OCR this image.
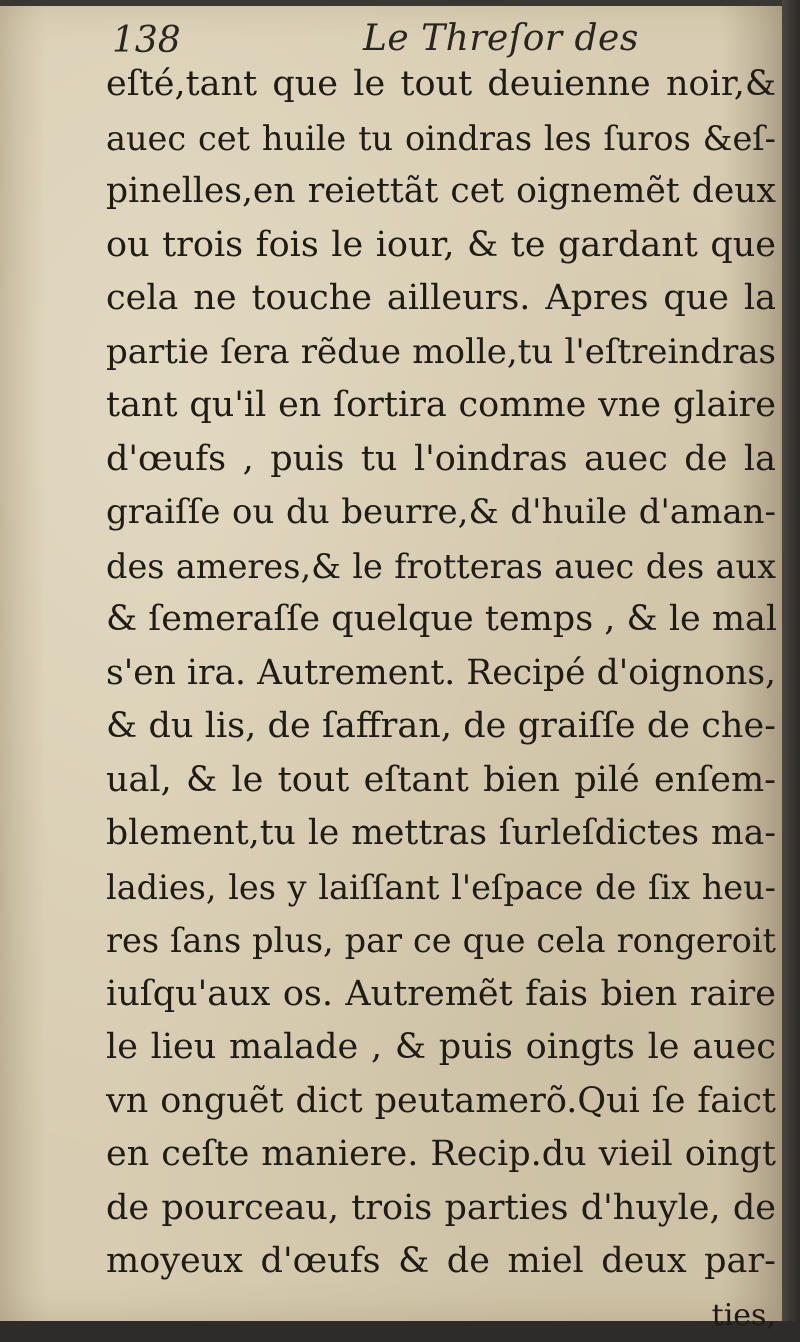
138	Le Threſor des
eſté,tant que le tout deuienne noir,&
auec cet huile tu oindras les ſuros &eſ-
pinelles,en reiettãt cet oignemẽt deux
ou trois fois le iour, & te gardant que
cela ne touche ailleurs. Apres que la
partie ſera rẽdue molle,tu l'eſtreindras
tant qu'il en ſortira comme vne glaire
d'œufs , puis tu l'oindras auec de la
graiſſe ou du beurre,& d'huile d'aman-
des ameres,& le frotteras auec des aux
& ſemeraſſe quelque temps , & le mal
s'en ira. Autrement. Recipé d'oignons,
& du lis, de ſaffran, de graiſſe de che-
ual, & le tout eſtant bien pilé enſem-
blement,tu le mettras ſurleſdictes ma-
ladies, les y laiſſant l'eſpace de ſix heu-
res ſans plus, par ce que cela rongeroit
iuſqu'aux os. Autremẽt fais bien raire
le lieu malade , & puis oingts le auec
vn onguẽt dict peutamerõ.Qui ſe faict
en ceſte maniere. Recip.du vieil oingt
de pourceau, trois parties d'huyle, de
moyeux d'œufs & de miel deux par-
ties,
